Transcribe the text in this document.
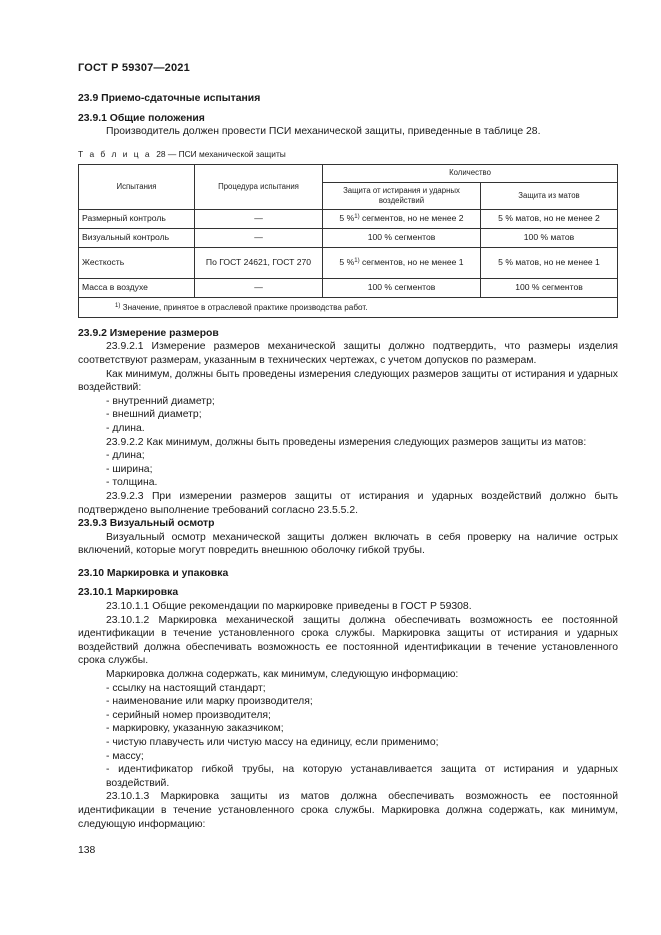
ГОСТ Р 59307—2021
23.9 Приемо-сдаточные испытания
23.9.1 Общие положения

Производитель должен провести ПСИ механической защиты, приведенные в таблице 28.

Т а б л и ц а 28 — ПСИ механической защиты
Испытания	Процедура испытания	Количество	
		Защита от истирания и ударных воздействий	Защита из матов
Размерный контроль	—	5 %$^{1)}$ сегментов, но не менее 2	5 % матов, но не менее 2
Визуальный контроль	—	100 % сегментов	100 % матов
Жесткость	По ГОСТ 24621, ГОСТ 270	5 %$^{1)}$ сегментов, но не менее 1	5 % матов, но не менее 1
Масса в воздухе	—	100 % сегментов	100 % сегментов
$^{1)}$ Значение, принятое в отраслевой практике производства работ.			
23.9.2 Измерение размеров

23.9.2.1 Измерение размеров механической защиты должно подтвердить, что размеры изделия соответствуют размерам, указанным в технических чертежах, с учетом допусков по размерам.

Как минимум, должны быть проведены измерения следующих размеров защиты от истирания и ударных воздействий:

- внутренний диаметр;
- внешний диаметр;
- длина.

23.9.2.2 Как минимум, должны быть проведены измерения следующих размеров защиты из матов:

- длина;
- ширина;
- толщина.

23.9.2.3 При измерении размеров защиты от истирания и ударных воздействий должно быть подтверждено выполнение требований согласно 23.5.5.2.

23.9.3 Визуальный осмотр

Визуальный осмотр механической защиты должен включать в себя проверку на наличие острых включений, которые могут повредить внешнюю оболочку гибкой трубы.

23.10 Маркировка и упаковка
23.10.1 Маркировка

23.10.1.1 Общие рекомендации по маркировке приведены в ГОСТ Р 59308.

23.10.1.2 Маркировка механической защиты должна обеспечивать возможность ее постоянной идентификации в течение установленного срока службы. Маркировка защиты от истирания и ударных воздействий должна обеспечивать возможность ее постоянной идентификации в течение установленного срока службы.

Маркировка должна содержать, как минимум, следующую информацию:

- ссылку на настоящий стандарт;
- наименование или марку производителя;
- серийный номер производителя;
- маркировку, указанную заказчиком;
- чистую плавучесть или чистую массу на единицу, если применимо;
- массу;
- идентификатор гибкой трубы, на которую устанавливается защита от истирания и ударных воздействий.

23.10.1.3 Маркировка защиты из матов должна обеспечивать возможность ее постоянной идентификации в течение установленного срока службы. Маркировка должна содержать, как минимум, следующую информацию:

138
